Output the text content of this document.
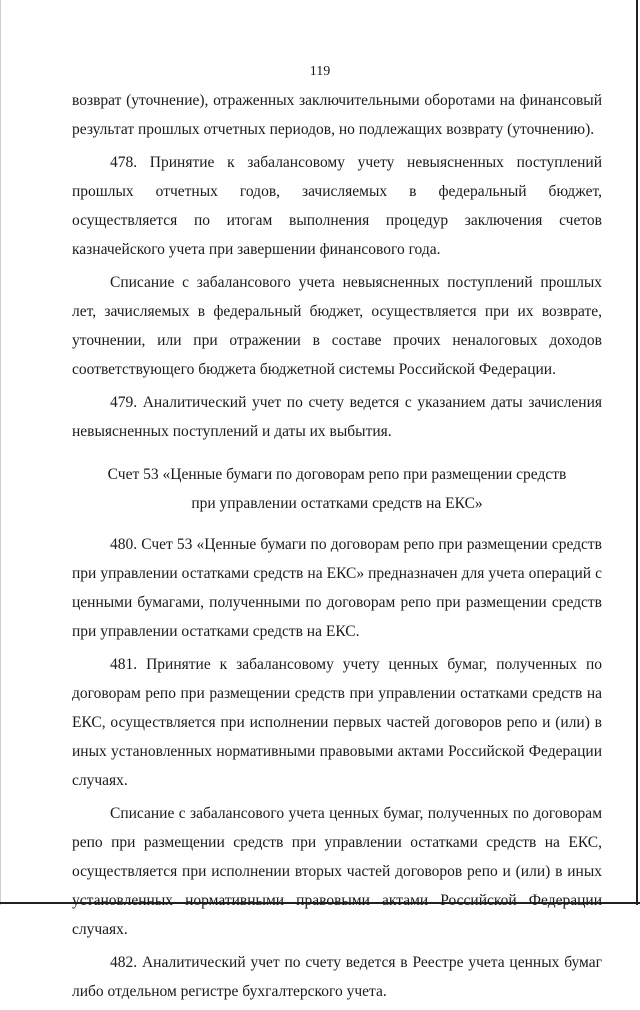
119

возврат (уточнение), отраженных заключительными оборотами на финансовый результат прошлых отчетных периодов, но подлежащих возврату (уточнению).

478. Принятие к забалансовому учету невыясненных поступлений прошлых отчетных годов, зачисляемых в федеральный бюджет, осуществляется по итогам выполнения процедур заключения счетов казначейского учета при завершении финансового года.

Списание с забалансового учета невыясненных поступлений прошлых лет, зачисляемых в федеральный бюджет, осуществляется при их возврате, уточнении, или при отражении в составе прочих неналоговых доходов соответствующего бюджета бюджетной системы Российской Федерации.

479. Аналитический учет по счету ведется с указанием даты зачисления невыясненных поступлений и даты их выбытия.

Счет 53 «Ценные бумаги по договорам репо при размещении средств
при управлении остатками средств на ЕКС»

480. Счет 53 «Ценные бумаги по договорам репо при размещении средств при управлении остатками средств на ЕКС» предназначен для учета операций с ценными бумагами, полученными по договорам репо при размещении средств при управлении остатками средств на ЕКС.

481. Принятие к забалансовому учету ценных бумаг, полученных по договорам репо при размещении средств при управлении остатками средств на ЕКС, осуществляется при исполнении первых частей договоров репо и (или) в иных установленных нормативными правовыми актами Российской Федерации случаях.

Списание с забалансового учета ценных бумаг, полученных по договорам репо при размещении средств при управлении остатками средств на ЕКС, осуществляется при исполнении вторых частей договоров репо и (или) в иных установленных нормативными правовыми актами Российской Федерации случаях.

482. Аналитический учет по счету ведется в Реестре учета ценных бумаг либо отдельном регистре бухгалтерского учета.
